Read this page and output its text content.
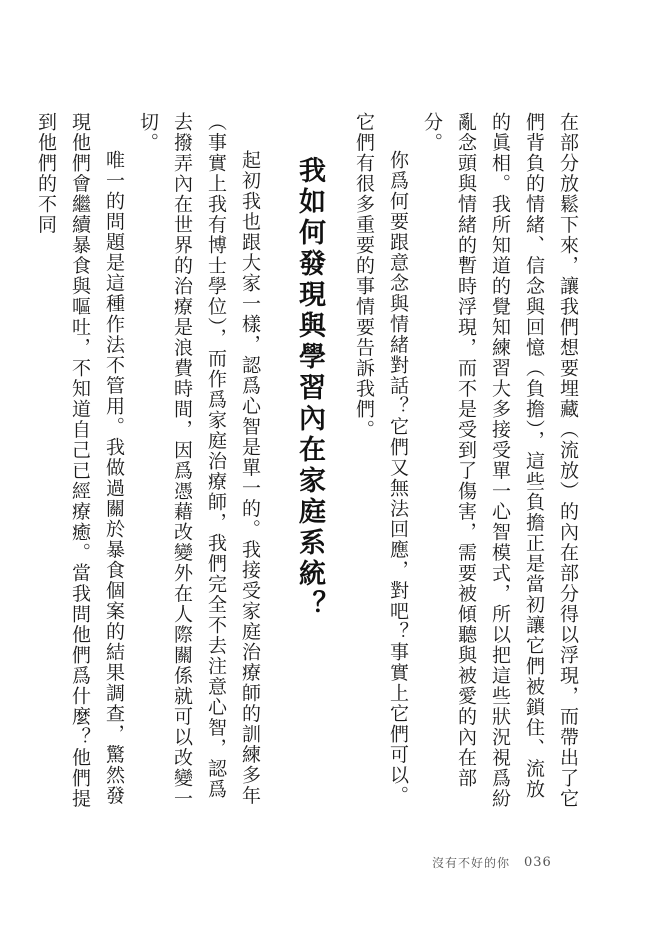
在部分放鬆下來，讓我們想要埋藏（流放）的內在部分得以浮現，而帶出了它們背負的情緒、信念與回憶（負擔），這些負擔正是當初讓它們被鎖住、流放的眞相。我所知道的覺知練習大多接受單一心智模式，所以把這些狀況視爲紛亂念頭與情緒的暫時浮現，而不是受到了傷害，需要被傾聽與被愛的內在部分。

你爲何要跟意念與情緒對話？它們又無法回應，對吧？事實上它們可以。它們有很多重要的事情要告訴我們。

我如何發現與學習內在家庭系統？

起初我也跟大家一樣，認爲心智是單一的。我接受家庭治療師的訓練多年（事實上我有博士學位），而作爲家庭治療師，我們完全不去注意心智，認爲去撥弄內在世界的治療是浪費時間，因爲憑藉改變外在人際關係就可以改變一切。

唯一的問題是這種作法不管用。我做過關於暴食個案的結果調查，驚然發現他們會繼續暴食與嘔吐，不知道自己已經療癒。當我問他們爲什麼？他們提到他們的不同

沒有不好的你 036
